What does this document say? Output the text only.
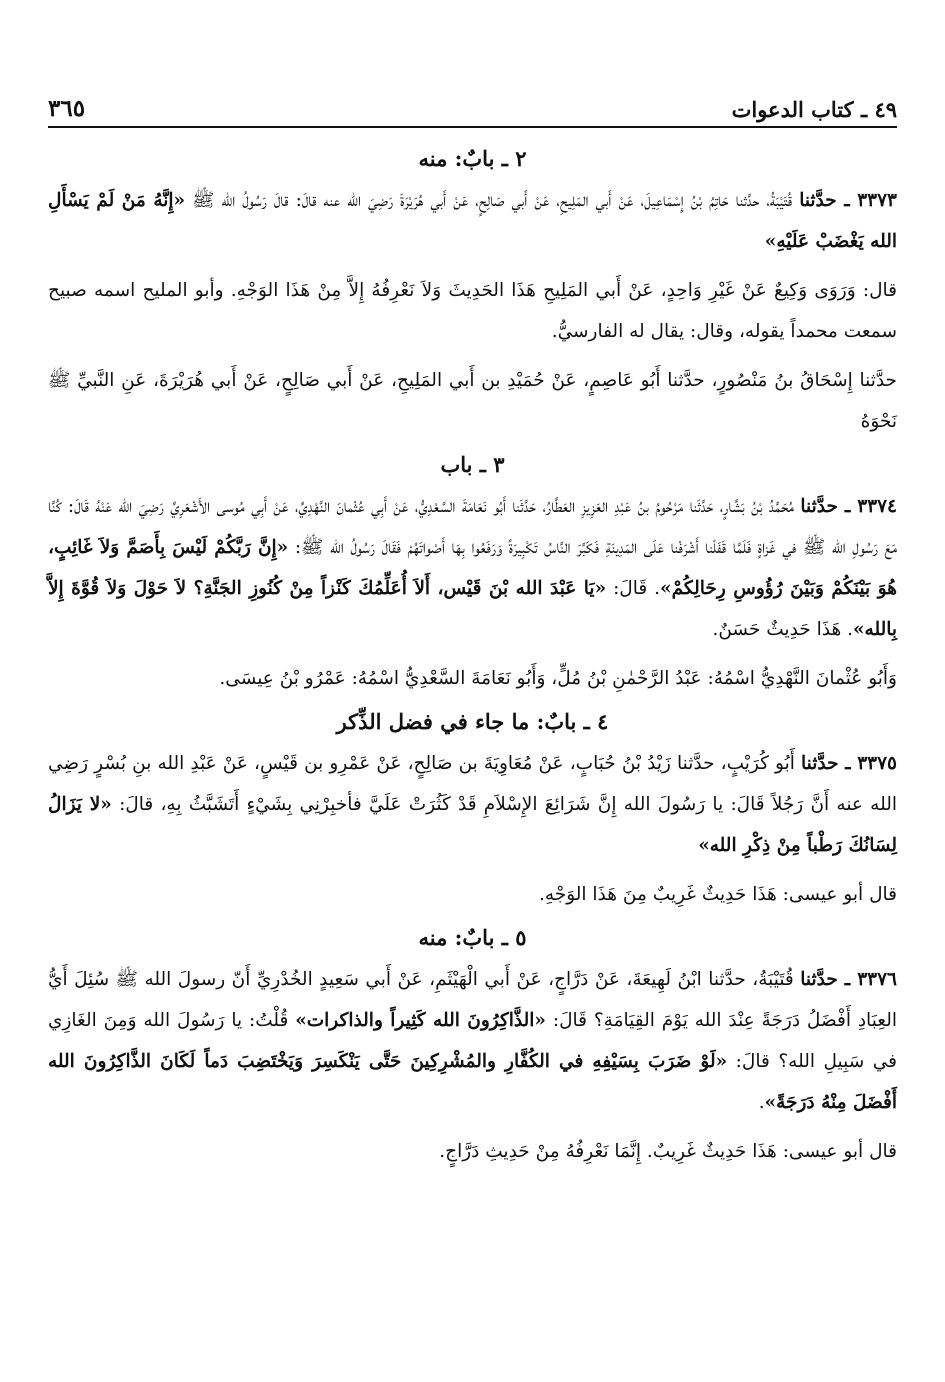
٤٩ ـ كتاب الدعوات
٣٦٥
٢ ـ بابٌ: منه

٣٣٧٣ ـ حدَّثنا قُتَيْبَةُ، حدَّثنا حَاتِمُ بْنُ إِسْمَاعِيلَ، عَنْ أَبي المَلِيحِ، عَنْ أَبي صَالِحٍ، عَنْ أَبي هُرَيْرَةَ رَضِيَ الله عنه قالَ: قالَ رَسُولُ الله ﷺ «إِنَّهُ مَنْ لَمْ يَسْأَلِ الله يَغْضَبْ عَلَيْهِ»

قال: وَرَوَى وَكِيعٌ عَنْ غَيْرِ وَاحِدٍ، عَنْ أَبي المَلِيحِ هَذَا الحَدِيثَ وَلاَ نَعْرِفُهُ إِلاَّ مِنْ هَذَا الوَجْهِ. وأبو المليح اسمه صبيح سمعت محمداً يقوله، وقال: يقال له الفارسيُّ.

حدَّثنا إِسْحَاقُ بنُ مَنْصُورٍ، حدَّثنا أَبُو عَاصِمٍ، عَنْ حُمَيْدِ بن أَبي المَلِيحِ، عَنْ أَبي صَالِحٍ، عَنْ أَبي هُرَيْرَةَ، عَنِ النَّبيِّ ﷺ نَحْوَهُ

٣ ـ باب

٣٣٧٤ ـ حدَّثنا مُحَمَّدُ بْنُ بَشَّارٍ، حَدَّثَنا مَرْحُومُ بنُ عَبْدِ العَزِيزِ العَطَّارُ، حَدَّثَنا أَبُو نَعَامَةَ السَّعْدِيُّ، عَنْ أَبِي عُثْمانَ النَّهْدِيِّ، عَنْ أَبِي مُوسى الأَشْعَرِيِّ رَضِيَ الله عَنْهُ قَالَ: كُنَّا مَعَ رَسُولِ الله ﷺ في غَزاةٍ فَلَمَّا قَفَلْنا أَشْرَفْنا عَلَى المَدِينَةِ فَكَبَّرَ النَّاسُ تَكْبِيرَةً وَرَفَعُوا بِهَا أَصْواتَهُمْ فَقَالَ رَسُولُ الله ﷺ: «إِنَّ رَبَّكُمْ لَيْسَ بِأَصَمَّ وَلاَ غَائِبٍ، هُوَ بَيْنَكُمْ وَبَيْنَ رُؤُوسِ رِحَالِكُمْ». قَالَ: «يَا عَبْدَ الله بْنَ قَيْس، أَلاَ أُعَلِّمُكَ كَنْزاً مِنْ كُنُوزِ الجَنَّةِ؟ لاَ حَوْلَ وَلاَ قُوَّةَ إِلاَّ بِالله». هَذَا حَدِيثٌ حَسَنٌ.

وَأَبُو عُثْمانَ النَّهْدِيُّ اسْمُهُ: عَبْدُ الرَّحْمٰنِ بْنُ مُلٍّ، وَأَبُو نَعَامَةَ السَّعْدِيُّ اسْمُهُ: عَمْرُو بْنُ عِيسَى.

٤ ـ بابٌ: ما جاء في فضل الذِّكر

٣٣٧٥ ـ حدَّثنا أَبُو كُرَيْبٍ، حدَّثنا زَيْدُ بْنُ حُبَابٍ، عَنْ مُعَاوِيَةَ بن صَالِحٍ، عَنْ عَمْرِو بن قَيْسٍ، عَنْ عَبْدِ الله بنِ بُسْرٍ رَضِي الله عنه أَنَّ رَجُلاً قَالَ: يا رَسُولَ الله إِنَّ شَرَائِعَ الإِسْلاَمِ قَدْ كَثُرَتْ عَلَيَّ فأخبِرْنِي بِشَيْءٍ أَتَشَبَّثُ بِهِ، قالَ: «لا يَزَالُ لِسَانُكَ رَطْباً مِنْ ذِكْرِ الله»

قال أبو عيسى: هَذَا حَدِيثٌ غَرِيبٌ مِنَ هَذَا الوَجْهِ.

٥ ـ بابٌ: منه

٣٣٧٦ ـ حدَّثنا قُتَيْبَةُ، حدَّثنا ابْنُ لَهِيعَةَ، عَنْ دَرَّاجٍ، عَنْ أَبي الْهَيْثَمِ، عَنْ أَبي سَعِيدٍ الخُدْرِيِّ أَنّ رسولَ الله ﷺ سُئِلَ أَيُّ العِبَادِ أَفْضَلُ دَرَجَةً عِنْدَ الله يَوْمَ القِيَامَةِ؟ قَالَ: «الذَّاكِرُونَ الله كَثِيراً والذاكرات» قُلْتُ: يا رَسُولَ الله وَمِنَ الغَازِي في سَبِيلِ الله؟ قالَ: «لَوْ ضَرَبَ بِسَيْفِهِ في الكُفَّارِ والمُشْرِكِينَ حَتَّى يَنْكَسِرَ وَيَخْتَضِبَ دَماً لَكَانَ الذَّاكِرُونَ الله أَفْضَلَ مِنْهُ دَرَجَةً».

قال أبو عيسى: هَذَا حَدِيثٌ غَرِيبٌ. إِنَّمَا نَعْرِفُهُ مِنْ حَدِيثِ دَرَّاجٍ.
